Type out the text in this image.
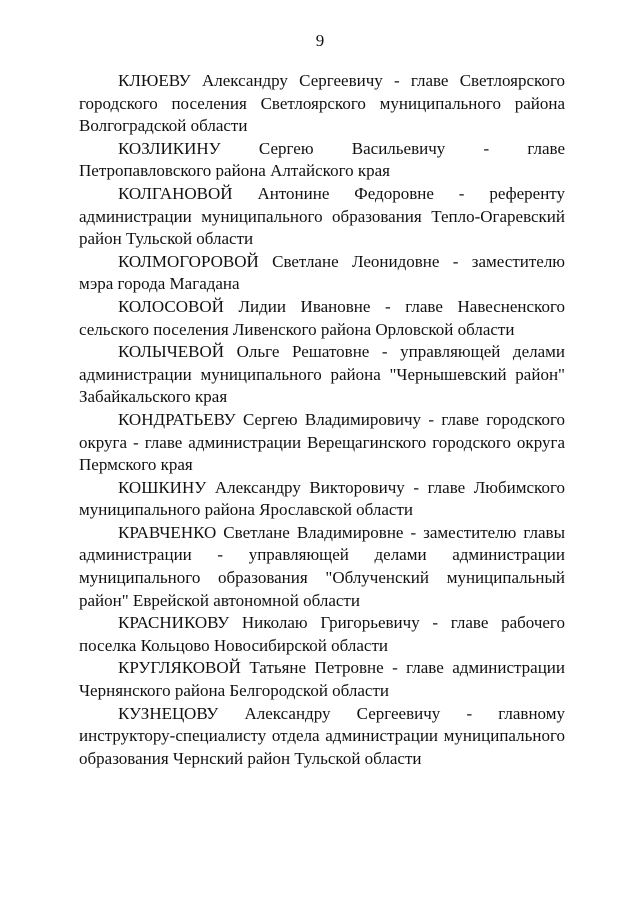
9

КЛЮЕВУ Александру Сергеевичу - главе Светлоярского городского поселения Светлоярского муниципального района Волгоградской области

КОЗЛИКИНУ Сергею Васильевичу - главе Петропавловского района Алтайского края

КОЛГАНОВОЙ Антонине Федоровне - референту администрации муниципального образования Тепло-Огаревский район Тульской области

КОЛМОГОРОВОЙ Светлане Леонидовне - заместителю мэра города Магадана

КОЛОСОВОЙ Лидии Ивановне - главе Навесненского сельского поселения Ливенского района Орловской области

КОЛЫЧЕВОЙ Ольге Решатовне - управляющей делами администрации муниципального района "Чернышевский район" Забайкальского края

КОНДРАТЬЕВУ Сергею Владимировичу - главе городского округа - главе администрации Верещагинского городского округа Пермского края

КОШКИНУ Александру Викторовичу - главе Любимского муниципального района Ярославской области

КРАВЧЕНКО Светлане Владимировне - заместителю главы администрации - управляющей делами администрации муниципального образования "Облученский муниципальный район" Еврейской автономной области

КРАСНИКОВУ Николаю Григорьевичу - главе рабочего поселка Кольцово Новосибирской области

КРУГЛЯКОВОЙ Татьяне Петровне - главе администрации Чернянского района Белгородской области

КУЗНЕЦОВУ Александру Сергеевичу - главному инструктору-специалисту отдела администрации муниципального образования Чернский район Тульской области
